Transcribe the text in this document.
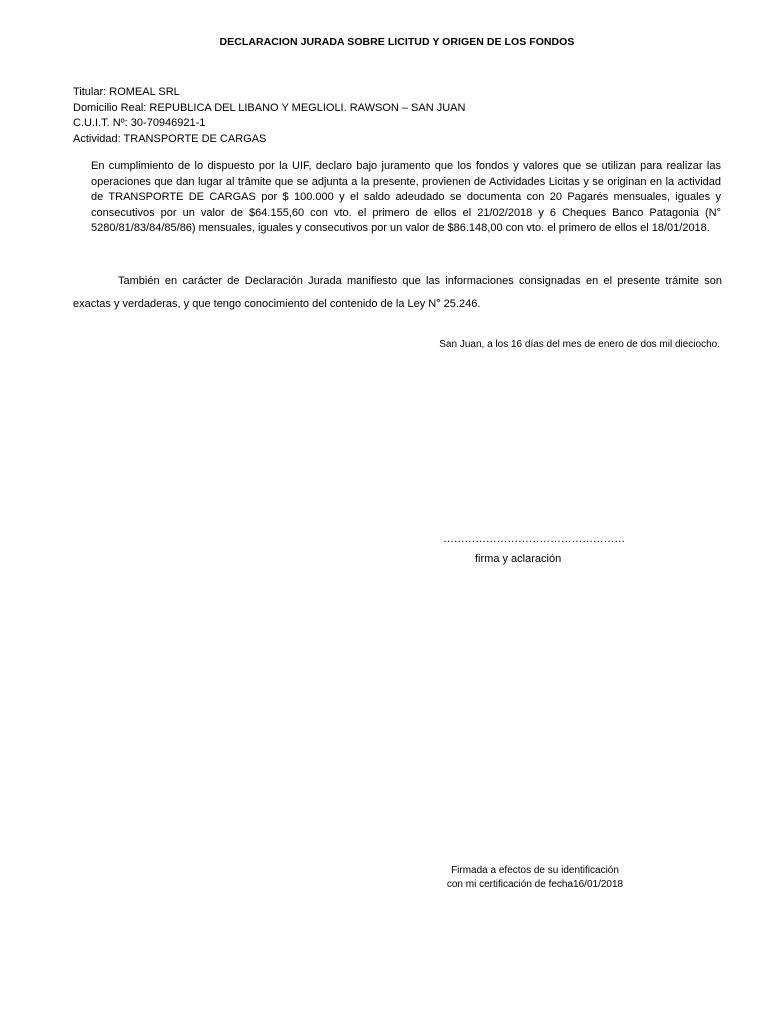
DECLARACION JURADA SOBRE LICITUD Y ORIGEN DE LOS FONDOS
Titular: ROMEAL SRL
Domicilio Real: REPUBLICA DEL LIBANO Y MEGLIOLI. RAWSON – SAN JUAN
C.U.I.T. Nº: 30-70946921-1
Actividad: TRANSPORTE DE CARGAS
En cumplimiento de lo dispuesto por la UIF, declaro bajo juramento que los fondos y valores que se utilizan para realizar las operaciones que dan lugar al trâmite que se adjunta a la presente, provienen de Actividades Licitas y se originan en la actividad de TRANSPORTE DE CARGAS por $ 100.000 y el saldo adeudado se documenta con 20 Pagarés mensuales, iguales y consecutivos por un valor de $64.155,60 con vto. el primero de ellos el 21/02/2018 y 6 Cheques Banco Patagonia (N° 5280/81/83/84/85/86) mensuales, iguales y consecutivos por un valor de $86.148,00 con vto. el primero de ellos el 18/01/2018.
También en carácter de Declaración Jurada manifiesto que las informaciones consignadas en el presente trámite son exactas y verdaderas, y que tengo conocimiento del contenido de la Ley N° 25.246.
San Juan, a los 16 días del mes de enero de dos mil dieciocho.
……………………………………………
firma y aclaración
Firmada a efectos de su identificación
con mi certificación de fecha16/01/2018
